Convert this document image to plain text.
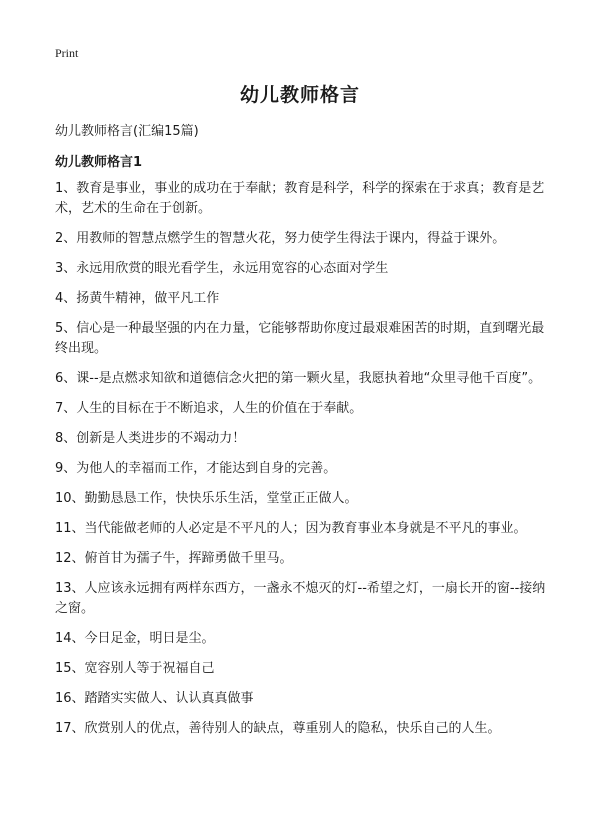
Print
幼儿教师格言
幼儿教师格言(汇编15篇)
幼儿教师格言1
1、教育是事业，事业的成功在于奉献；教育是科学，科学的探索在于求真；教育是艺术，艺术的生命在于创新。
2、用教师的智慧点燃学生的智慧火花，努力使学生得法于课内，得益于课外。
3、永远用欣赏的眼光看学生，永远用宽容的心态面对学生
4、扬黄牛精神，做平凡工作
5、信心是一种最坚强的内在力量，它能够帮助你度过最艰难困苦的时期，直到曙光最终出现。
6、课--是点燃求知欲和道德信念火把的第一颗火星，我愿执着地“众里寻他千百度”。
7、人生的目标在于不断追求，人生的价值在于奉献。
8、创新是人类进步的不竭动力！
9、为他人的幸福而工作，才能达到自身的完善。
10、勤勤恳恳工作，快快乐乐生活，堂堂正正做人。
11、当代能做老师的人必定是不平凡的人；因为教育事业本身就是不平凡的事业。
12、俯首甘为孺子牛，挥蹄勇做千里马。
13、人应该永远拥有两样东西方，一盏永不熄灭的灯--希望之灯，一扇长开的窗--接纳之窗。
14、今日足金，明日是尘。
15、宽容别人等于祝福自己
16、踏踏实实做人、认认真真做事
17、欣赏别人的优点，善待别人的缺点，尊重别人的隐私，快乐自己的人生。
